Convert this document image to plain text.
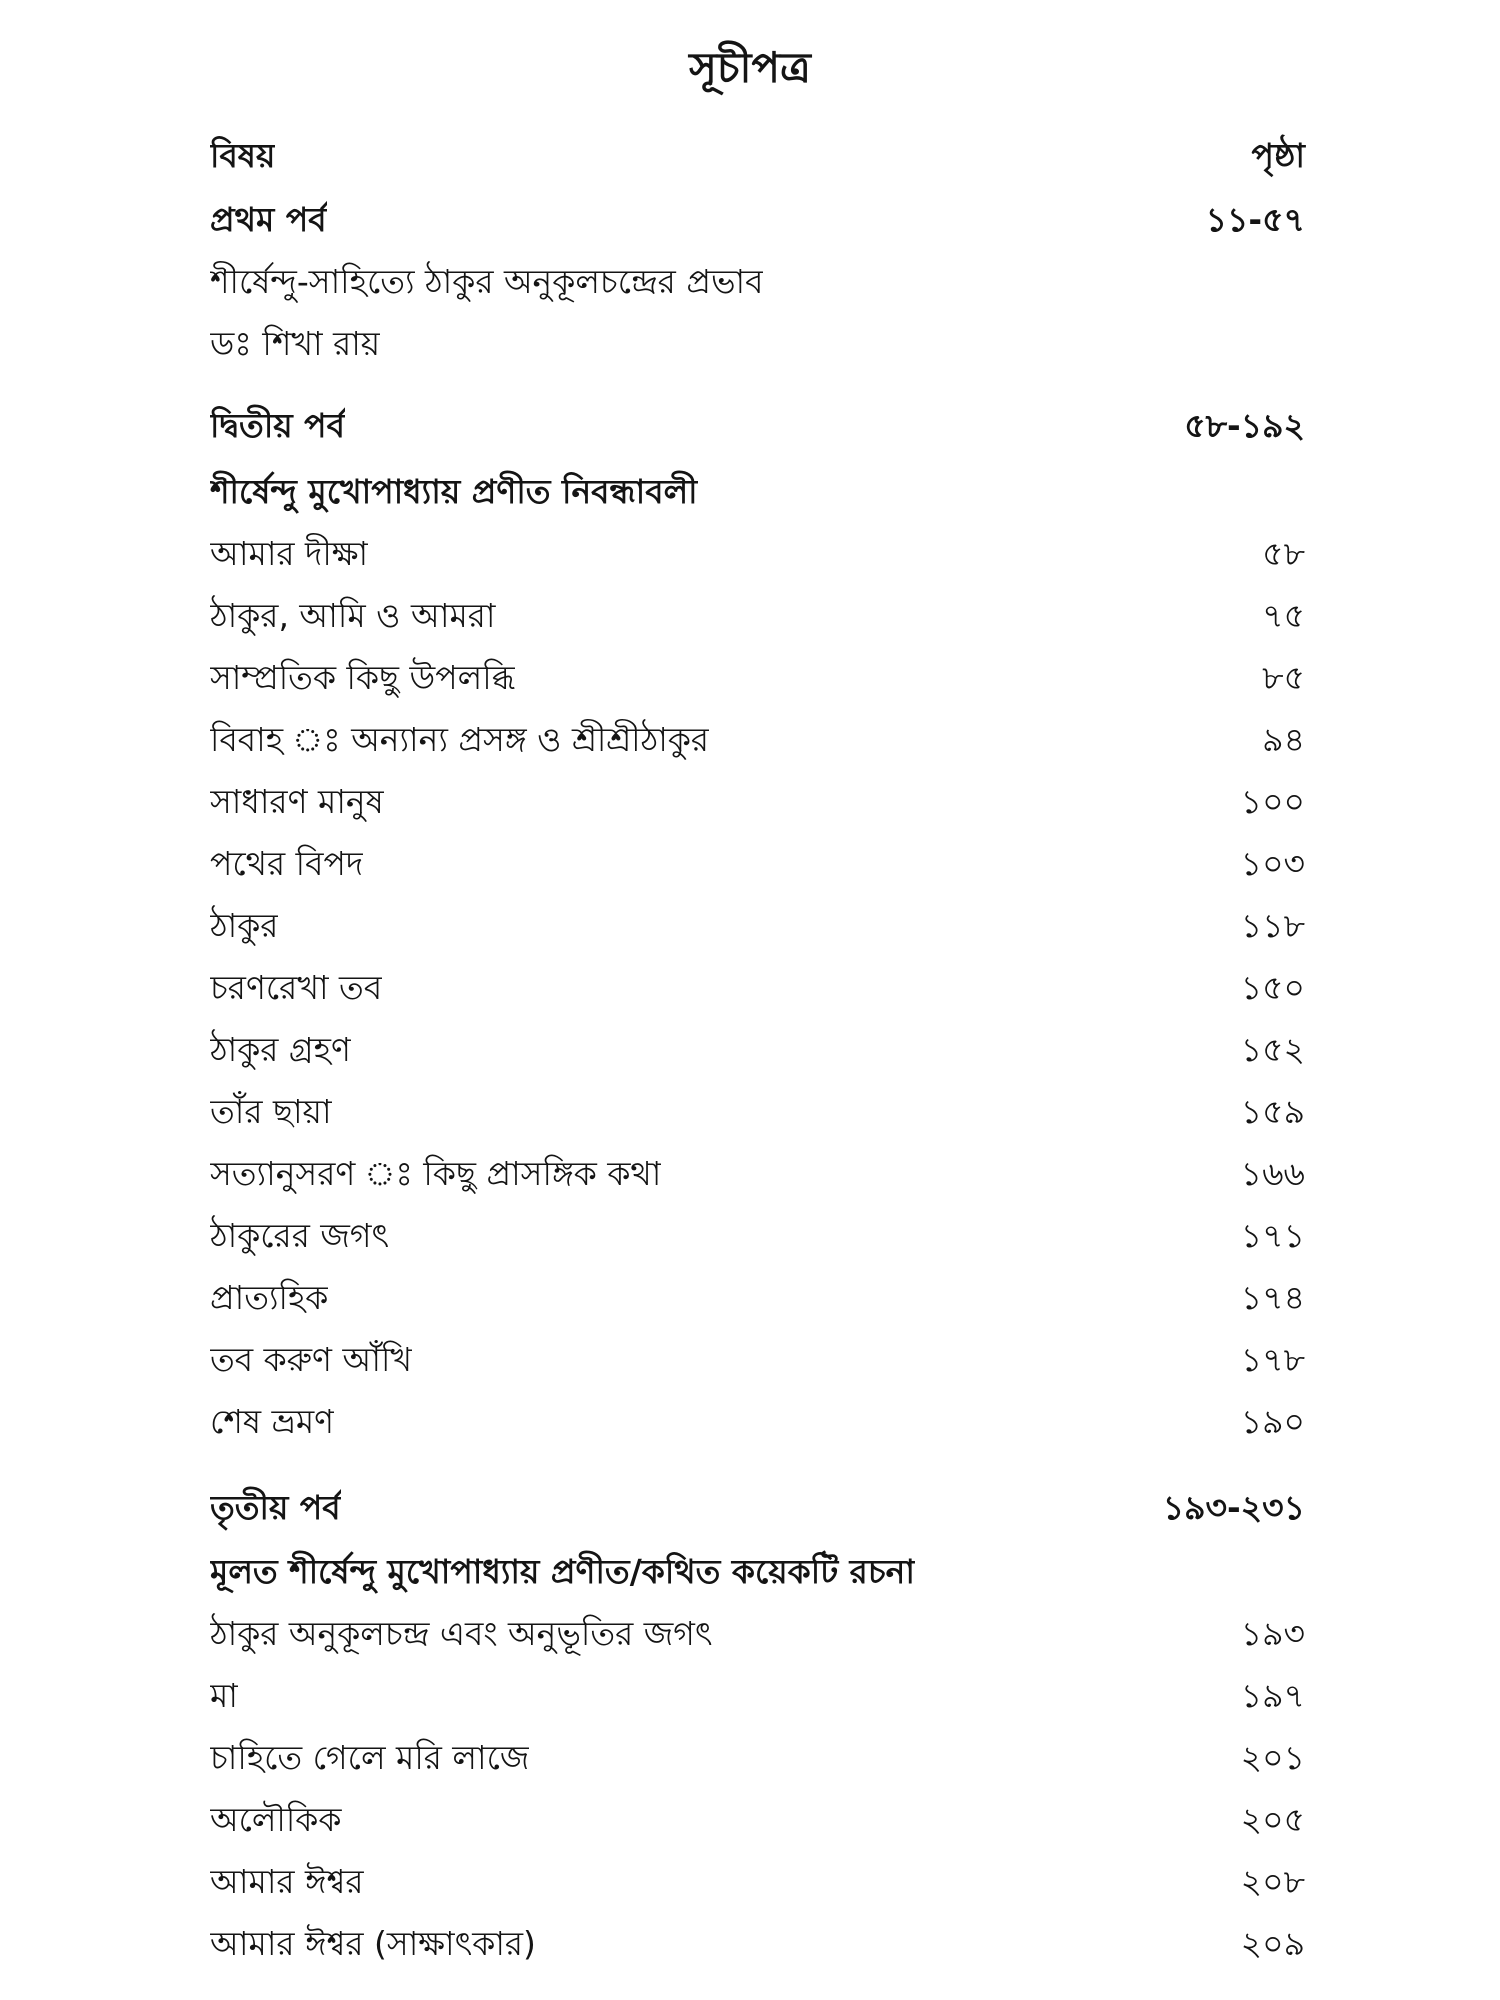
সূচীপত্র
বিষয়	পৃষ্ঠা
প্রথম পর্ব	১১-৫৭
শীর্ষেন্দু-সাহিত্যে ঠাকুর অনুকূলচন্দ্রের প্রভাব
ডঃ শিখা রায়
দ্বিতীয় পর্ব	৫৮-১৯২
শীর্ষেন্দু মুখোপাধ্যায় প্রণীত নিবন্ধাবলী
আমার দীক্ষা	৫৮
ঠাকুর, আমি ও আমরা	৭৫
সাম্প্রতিক কিছু উপলব্ধি	৮৫
বিবাহ ঃ অন্যান্য প্রসঙ্গ ও শ্রীশ্রীঠাকুর	৯৪
সাধারণ মানুষ	১০০
পথের বিপদ	১০৩
ঠাকুর	১১৮
চরণরেখা তব	১৫০
ঠাকুর গ্রহণ	১৫২
তাঁর ছায়া	১৫৯
সত্যানুসরণ ঃ কিছু প্রাসঙ্গিক কথা	১৬৬
ঠাকুরের জগৎ	১৭১
প্রাত্যহিক	১৭৪
তব করুণ আঁখি	১৭৮
শেষ ভ্রমণ	১৯০
তৃতীয় পর্ব	১৯৩-২৩১
মূলত শীর্ষেন্দু মুখোপাধ্যায় প্রণীত/কথিত কয়েকটি রচনা
ঠাকুর অনুকূলচন্দ্র এবং অনুভূতির জগৎ	১৯৩
মা	১৯৭
চাহিতে গেলে মরি লাজে	২০১
অলৌকিক	২০৫
আমার ঈশ্বর	২০৮
আমার ঈশ্বর (সাক্ষাৎকার)	২০৯
